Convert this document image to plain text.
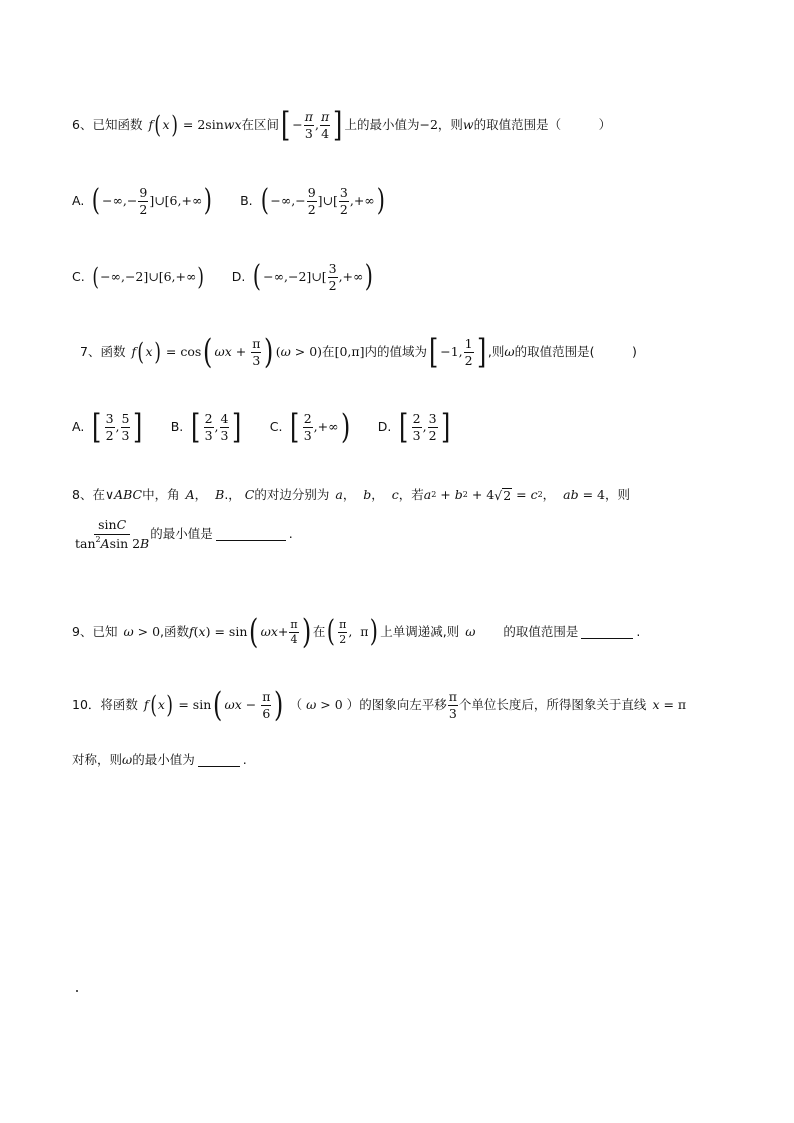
6、已知函数 f ( x ) = 2sin wx 在区间 [ − $\frac{\pi}{3}$ , $\frac{\pi}{4}$ ] 上的最小值为 −2 ，则 w 的取值范围是 （　　　）
A. ( −∞,− $\frac{9}{2}$ ]∪[6,+∞ ) B. ( −∞,− $\frac{9}{2}$ ]∪[ $\frac{3}{2}$ ,+∞ )
C. ( −∞,−2]∪[6,+∞ ) D. ( −∞,−2]∪[ $\frac{3}{2}$ ,+∞ )
7、函数 f ( x ) = cos ( $\omega x + \frac{\pi}{3}$ ) ( ω > 0) 在 [0,π] 内的值域为 [ −1, $\frac{1}{2}$ ] ,则 ω 的取值范围是 (　　　)
A. [ $\frac{3}{2}$ , $\frac{5}{3}$ ] B. [ $\frac{2}{3}$ , $\frac{4}{3}$ ] C. [ $\frac{2}{3}$ ,+∞ ) D. [ $\frac{2}{3}$ , $\frac{3}{2}$ ]
8、在 ∨ ABC 中，角 A ， B .， C 的对边分别为 a ， b ， c ，若 a 2 + b 2 + 4 √ 2 = c 2 ， ab = 4 ，则
$\frac{\sin C}{\tan^2Asin 2B}$ 的最小值是	.
9、已知 ω > 0 ,函数 f ( x ) = sin ( $\omega x + \frac{\pi}{4}$ ) 在 ( $\frac{\pi}{2}$ ,  π ) 上单调递减,则 ω 的取值范围是	.
10．将函数 f ( x ) = sin ( $\omega x - \frac{\pi}{6}$ ) （ ω > 0 ） 的图象向左平移 $\frac{\pi}{3}$ 个单位长度后，所得图象关于直线 x = π
对称，则 ω 的最小值为	.
